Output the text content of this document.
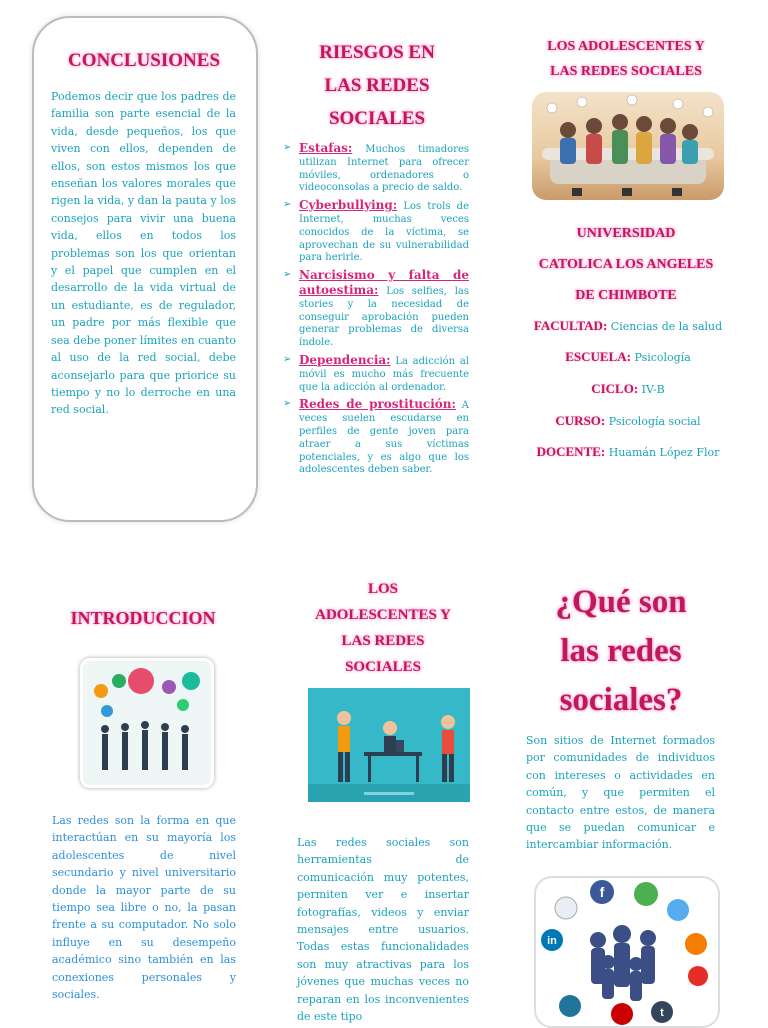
CONCLUSIONES
Podemos decir que los padres de familia son parte esencial de la vida, desde pequeños, los que viven con ellos, dependen de ellos, son estos mismos los que enseñan los valores morales que rigen la vida, y dan la pauta y los consejos para vivir una buena vida, ellos en todos los problemas son los que orientan y el papel que cumplen en el desarrollo de la vida virtual de un estudiante, es de regulador, un padre por más flexible que sea debe poner límites en cuanto al uso de la red social, debe aconsejarlo para que priorice su tiempo y no lo derroche en una red social.
RIESGOS EN
LAS REDES
SOCIALES
➢ Estafas: Muchos timadores utilizan Internet para ofrecer móviles, ordenadores o videoconsolas a precio de saldo.
➢ Cyberbullying: Los trols de Internet, muchas veces conocidos de la víctima, se aprovechan de su vulnerabilidad para herirle.
➢ Narcisismo y falta de autoestima: Los selfies, las stories y la necesidad de conseguir aprobación pueden generar problemas de diversa índole.
➢ Dependencia: La adicción al móvil es mucho más frecuente que la adicción al ordenador.
➢ Redes de prostitución: A veces suelen escudarse en perfiles de gente joven para atraer a sus víctimas potenciales, y es algo que los adolescentes deben saber.
LOS ADOLESCENTES Y
LAS REDES SOCIALES
UNIVERSIDAD
CATOLICA LOS ANGELES
DE CHIMBOTE
FACULTAD: Ciencias de la salud
ESCUELA: Psicología
CICLO: IV-B
CURSO: Psicología social
DOCENTE: Huamán López Flor
INTRODUCCION
Las redes son la forma en que interactúan en su mayoría los adolescentes de nivel secundario y nivel universitario donde la mayor parte de su tiempo sea libre o no, la pasan frente a su computador. No solo influye en su desempeño académico sino también en las conexiones personales y sociales.
LOS
ADOLESCENTES Y
LAS REDES
SOCIALES
Las redes sociales son herramientas de comunicación muy potentes, permiten ver e insertar fotografías, videos y enviar mensajes entre usuarios. Todas estas funcionalidades son muy atractivas para los jóvenes que muchas veces no reparan en los inconvenientes de este tipo
¿Qué son
las redes
sociales?
Son sitios de Internet formados por comunidades de individuos con intereses o actividades en común, y que permiten el contacto entre estos, de manera que se puedan comunicar e intercambiar información.
f
in
t
